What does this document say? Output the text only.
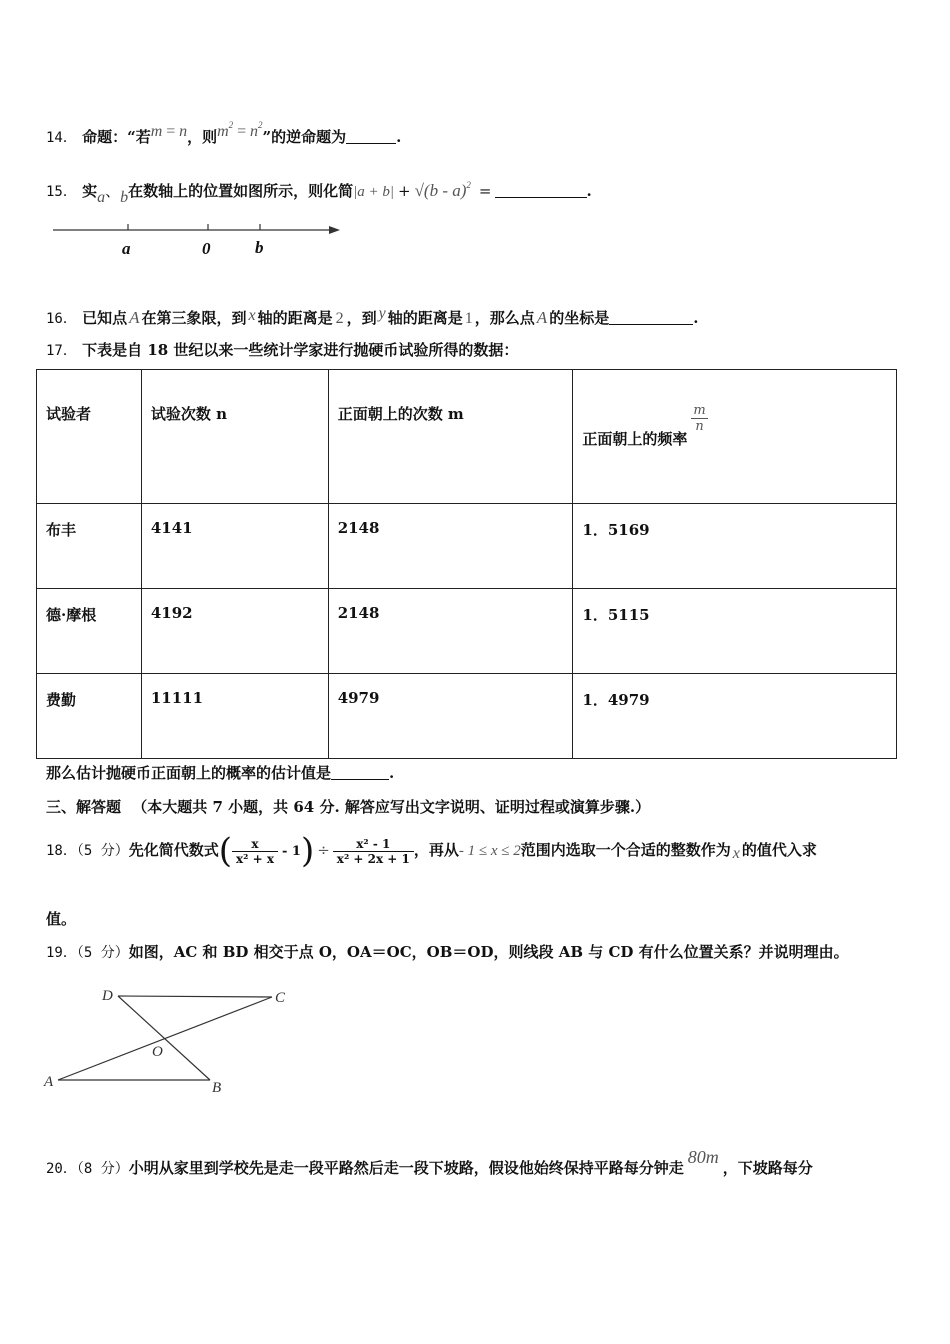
14． 命题：“若m = n，则$m^2 = n^2$”的逆命题为	.
15． 实a、b在数轴上的位置如图所示，则化简|a + b| + √(b - a)$^2$ =	.
a	0	b
16． 已知点 A 在第三象限，到 x 轴的距离是 2 ，到 y 轴的距离是 1 ，那么点 A 的坐标是	.
17． 下表是自 18 世纪以来一些统计学家进行抛硬币试验所得的数据：
试验者	试验次数 n	正面朝上的次数 m	正面朝上的频率
$\frac{m}{n}$
布丰	4141	2148	1．5169
德·摩根	4192	2148	1．5115
费勤	11111	4979	1．4979
那么估计抛硬币正面朝上的概率的估计值是	.
三、解答题 （本大题共 7 小题，共 64 分. 解答应写出文字说明、证明过程或演算步骤.）
18．（5 分）先化简代数式( $\frac{x}{\text{x² + x}} - 1) \div \frac{\text{x² - 1}}{\text{x² + 2x + 1}}$ ，再从- 1 ≤ x ≤ 2范围内选取一个合适的整数作为 x 的值代入求
值。
19．（5 分）如图，AC 和 BD 相交于点 O，OA＝OC，OB＝OD，则线段 AB 与 CD 有什么位置关系？并说明理由。
D	C
O
A	B
20．（8 分）小明从家里到学校先是走一段平路然后走一段下坡路，假设他始终保持平路每分钟走80m，下坡路每分
